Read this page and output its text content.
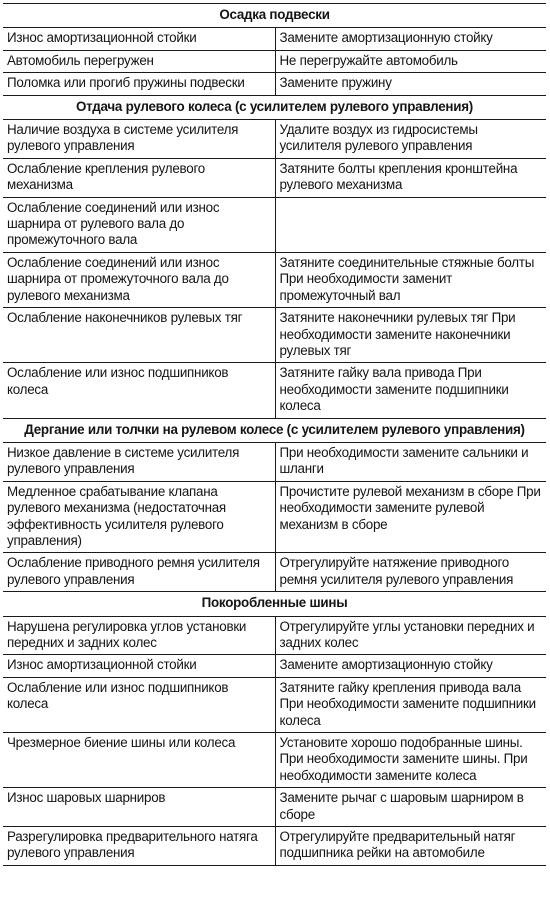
Осадка подвески	
Износ амортизационной стойки	Замените амортизационную стойку
Автомобиль перегружен	Не перегружайте автомобиль
Поломка или прогиб пружины подвески	Замените пружину
Отдача рулевого колеса (с усилителем рулевого управления)	
Наличие воздуха в системе усилителя рулевого управления	Удалите воздух из гидросистемы усилителя рулевого управления
Ослабление крепления рулевого механизма	Затяните болты крепления кронштейна рулевого механизма
Ослабление соединений или износ шарнира от рулевого вала до промежуточного вала	
Ослабление соединений или износ шарнира от промежуточного вала до рулевого механизма	Затяните соединительные стяжные болты При необходимости заменит промежуточный вал
Ослабление наконечников рулевых тяг	Затяните наконечники рулевых тяг При необходимости замените наконечники рулевых тяг
Ослабление или износ подшипников колеса	Затяните гайку вала привода При необходимости замените подшипники колеса
Дергание или толчки на рулевом колесе (с усилителем рулевого управления)	
Низкое давление в системе усилителя рулевого управления	При необходимости замените сальники и шланги
Медленное срабатывание клапана рулевого механизма (недостаточная эффективность усилителя рулевого управления)	Прочистите рулевой механизм в сборе При необходимости замените рулевой механизм в сборе
Ослабление приводного ремня усилителя рулевого управления	Отрегулируйте натяжение приводного ремня усилителя рулевого управления
Покоробленные шины	
Нарушена регулировка углов установки передних и задних колес	Отрегулируйте углы установки передних и задних колес
Износ амортизационной стойки	Замените амортизационную стойку
Ослабление или износ подшипников колеса	Затяните гайку крепления привода вала При необходимости замените подшипники колеса
Чрезмерное биение шины или колеса	Установите хорошо подобранные шины. При необходимости замените шины. При необходимости замените колеса
Износ шаровых шарниров	Замените рычаг с шаровым шарниром в сборе
Разрегулировка предварительного натяга рулевого управления	Отрегулируйте предварительный натяг подшипника рейки на автомобиле
